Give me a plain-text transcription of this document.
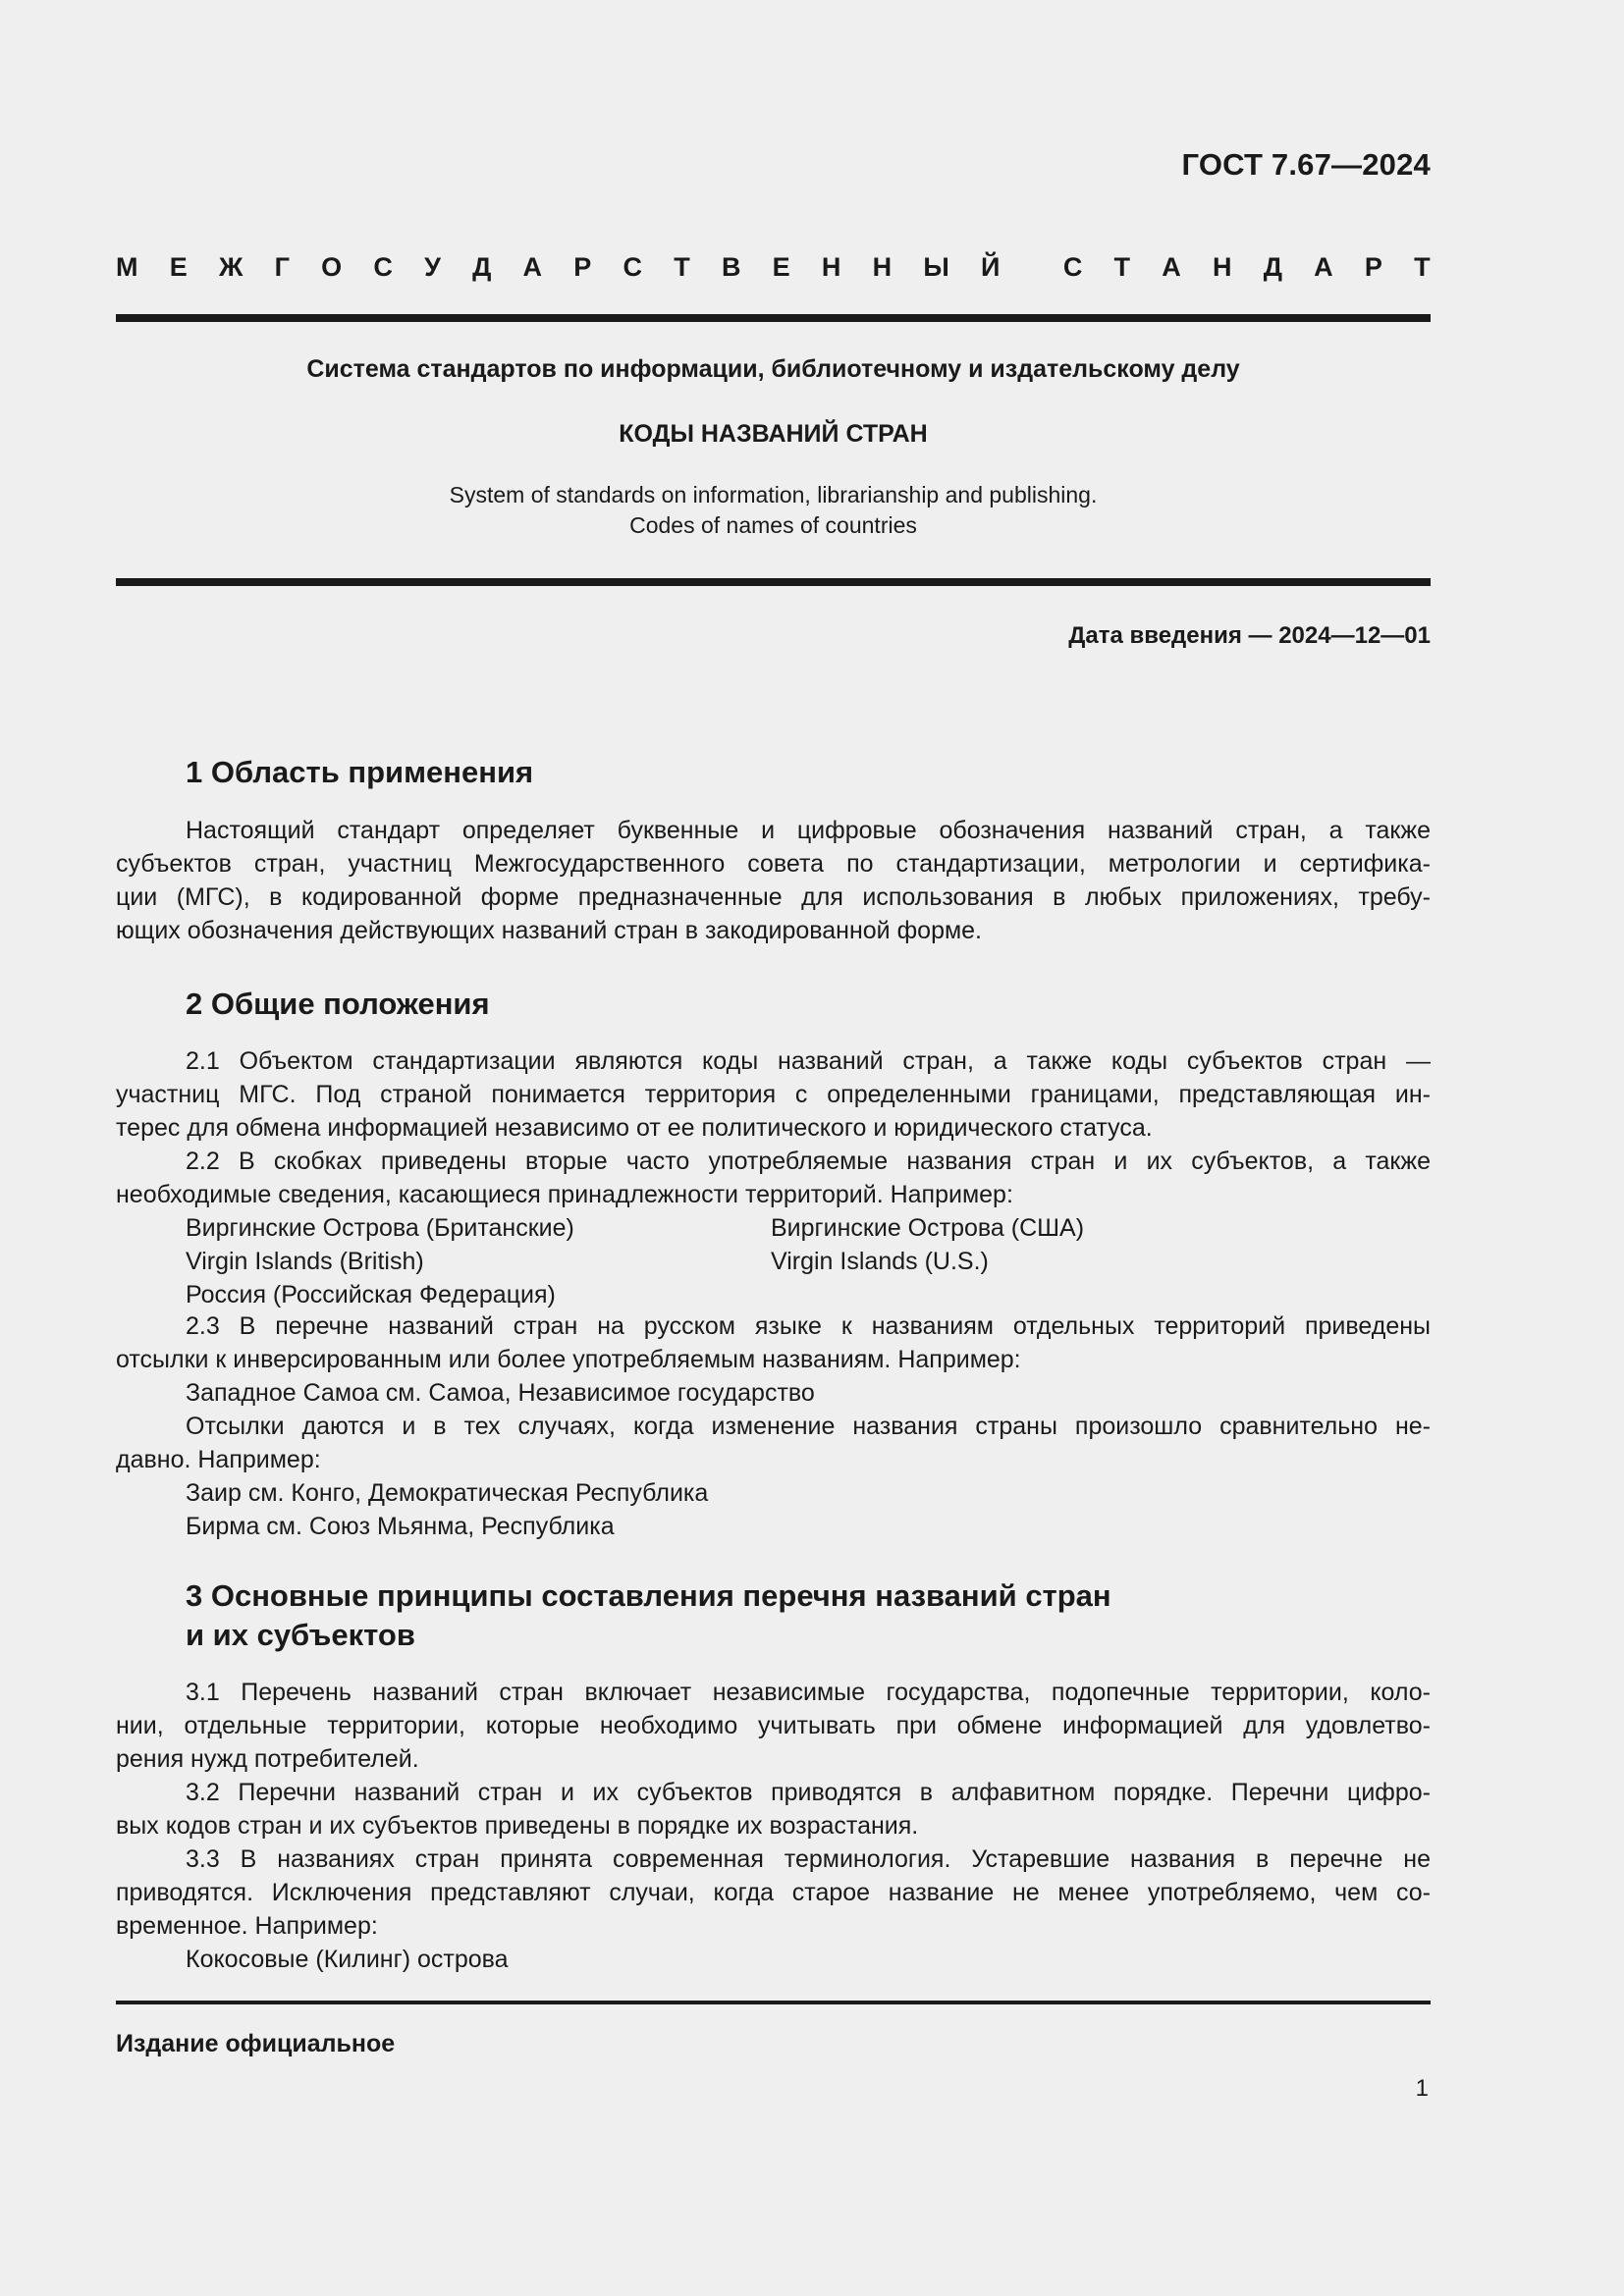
ГОСТ 7.67—2024
М Е Ж Г О С У Д А Р С Т В Е Н Н Ы Й С Т А Н Д А Р Т
Система стандартов по информации, библиотечному и издательскому делу
КОДЫ НАЗВАНИЙ СТРАН
System of standards on information, librarianship and publishing.
Codes of names of countries
Дата введения — 2024—12—01
1 Область применения
Настоящий стандарт определяет буквенные и цифровые обозначения названий стран, а также
субъектов стран, участниц Межгосударственного совета по стандартизации, метрологии и сертифика-
ции (МГС), в кодированной форме предназначенные для использования в любых приложениях, требу-
ющих обозначения действующих названий стран в закодированной форме.
2 Общие положения
2.1 Объектом стандартизации являются коды названий стран, а также коды субъектов стран —
участниц МГС. Под страной понимается территория с определенными границами, представляющая ин-
терес для обмена информацией независимо от ее политического и юридического статуса.
2.2 В скобках приведены вторые часто употребляемые названия стран и их субъектов, а также
необходимые сведения, касающиеся принадлежности территорий. Например:
Виргинские Острова (Британские)
Virgin Islands (British)
Россия (Российская Федерация)
Виргинские Острова (США)
Virgin Islands (U.S.)
2.3 В перечне названий стран на русском языке к названиям отдельных территорий приведены
отсылки к инверсированным или более употребляемым названиям. Например:
Западное Самоа см. Самоа, Независимое государство
Отсылки даются и в тех случаях, когда изменение названия страны произошло сравнительно не-
давно. Например:
Заир см. Конго, Демократическая Республика
Бирма см. Союз Мьянма, Республика
3 Основные принципы составления перечня названий стран
и их субъектов
3.1 Перечень названий стран включает независимые государства, подопечные территории, коло-
нии, отдельные территории, которые необходимо учитывать при обмене информацией для удовлетво-
рения нужд потребителей.
3.2 Перечни названий стран и их субъектов приводятся в алфавитном порядке. Перечни цифро-
вых кодов стран и их субъектов приведены в порядке их возрастания.
3.3 В названиях стран принята современная терминология. Устаревшие названия в перечне не
приводятся. Исключения представляют случаи, когда старое название не менее употребляемо, чем со-
временное. Например:
Кокосовые (Килинг) острова
Издание официальное
1
